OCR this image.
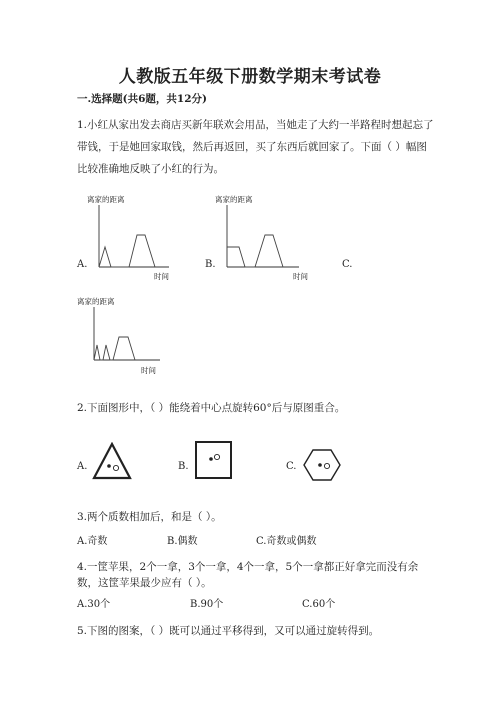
人教版五年级下册数学期末考试卷
一.选择题(共6题，共12分)
1.小红从家出发去商店买新年联欢会用品，当她走了大约一半路程时想起忘了
带钱，于是她回家取钱，然后再返回，买了东西后就回家了。下面（ ）幅图
比较准确地反映了小红的行为。
A.
离家的距离
时间
B.
离家的距离
时间
C.
离家的距离
时间
2.下面图形中，（ ）能绕着中心点旋转60°后与原图重合。
A.	B.	C.
3.两个质数相加后，和是（ ）。
A.奇数	B.偶数	C.奇数或偶数
4.一筐苹果，2个一拿，3个一拿，4个一拿，5个一拿都正好拿完而没有余
数，这筐苹果最少应有（ ）。
A.30个	B.90个	C.60个
5.下图的图案，（ ）既可以通过平移得到，又可以通过旋转得到。
